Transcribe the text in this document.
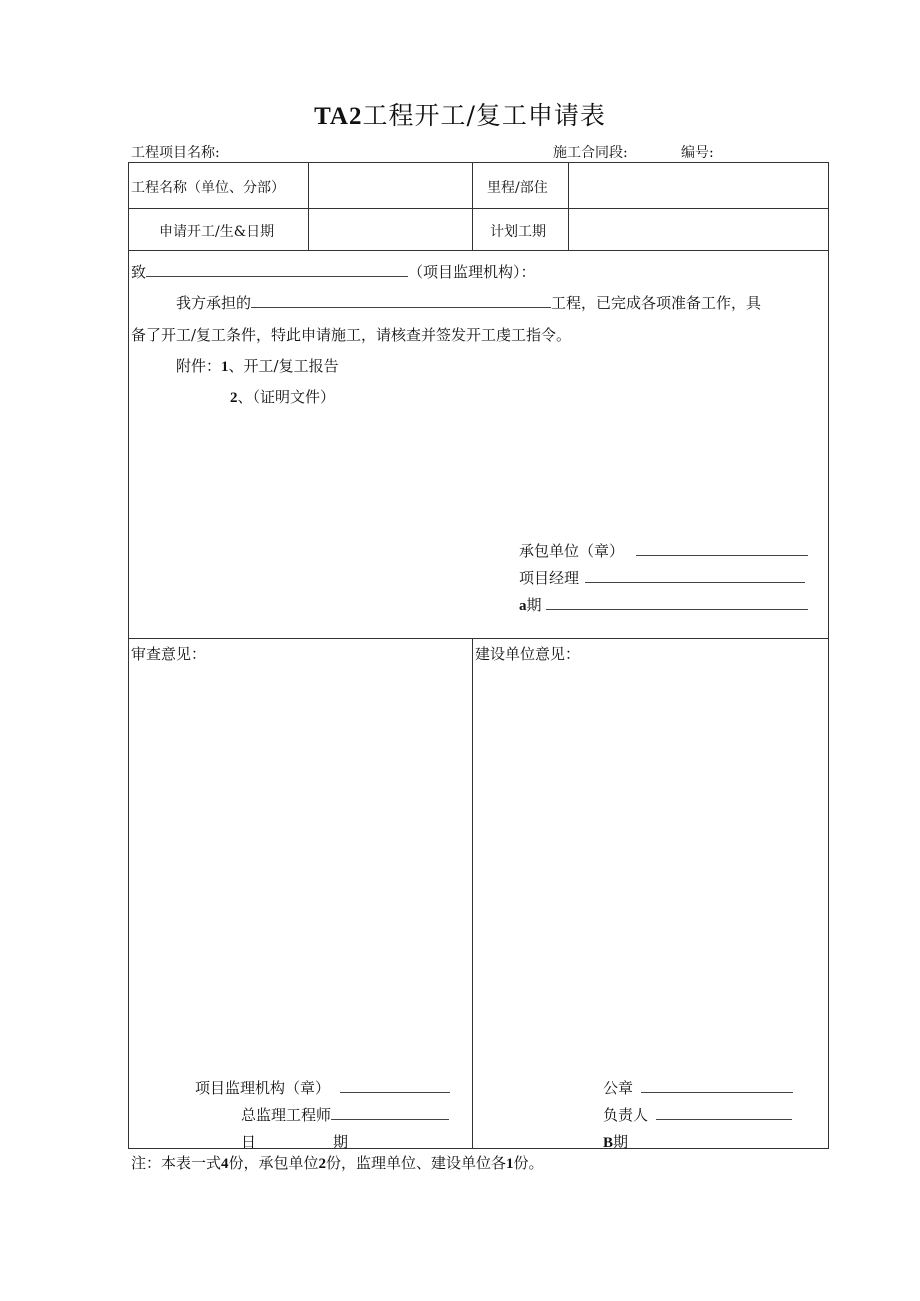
TA2工程开工/复工申请表
工程项目名称:	施工合同段:	编号:
工程名称（单位、分部）	里程/部住
申请开工/生&日期	计划工期
致	（项目监理机构）：
我方承担的	工程，已完成各项准备工作，具
备了开工/复工条件，特此申请施工，请核查并签发开工虔工指令。
附件：1、开工/复工报告
2、（证明文件）
承包单位（章）
项目经理
a期
审查意见：
项目监理机构（章）
总监理工程师
日	期
建设单位意见：
公章
负责人
B期
注：本表一式4份，承包单位2份，监理单位、建设单位各1份。
